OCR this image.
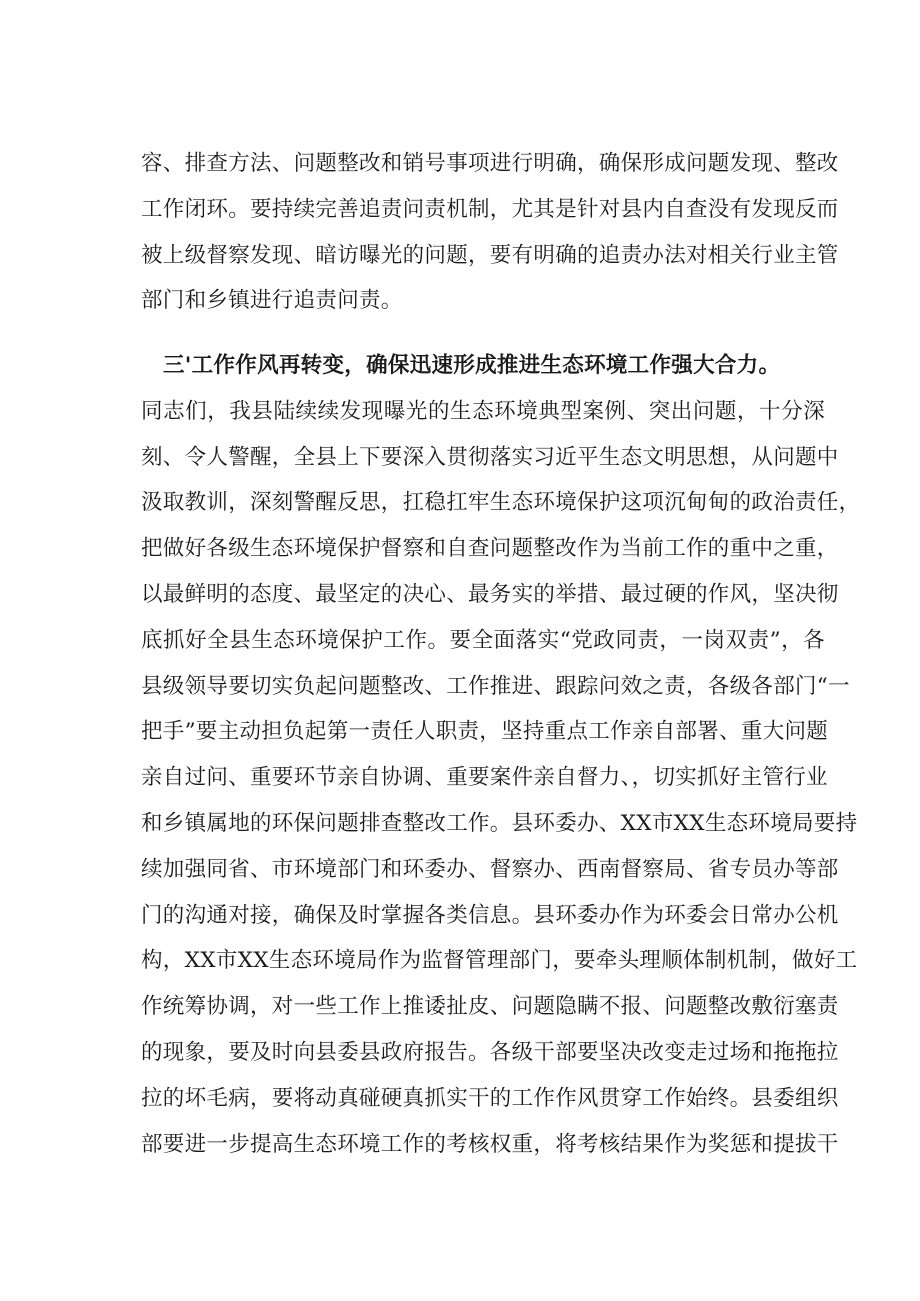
容、排查方法、问题整改和销号事项进行明确，确保形成问题发现、整改
工作闭环。要持续完善追责问责机制，尤其是针对县内自查没有发现反而
被上级督察发现、暗访曝光的问题，要有明确的追责办法对相关行业主管
部门和乡镇进行追责问责。
三'工作作风再转变，确保迅速形成推进生态环境工作强大合力。
同志们，我县陆续续发现曝光的生态环境典型案例、突出问题，十分深
刻、令人警醒，全县上下要深入贯彻落实习近平生态文明思想，从问题中
汲取教训，深刻警醒反思，扛稳扛牢生态环境保护这项沉甸甸的政治责任，
把做好各级生态环境保护督察和自查问题整改作为当前工作的重中之重，
以最鲜明的态度、最坚定的决心、最务实的举措、最过硬的作风，坚决彻
底抓好全县生态环境保护工作。要全面落实“党政同责，一岗双责”，各
县级领导要切实负起问题整改、工作推进、跟踪问效之责，各级各部门“一
把手”要主动担负起第一责任人职责，坚持重点工作亲自部署、重大问题
亲自过问、重要环节亲自协调、重要案件亲自督力、，切实抓好主管行业
和乡镇属地的环保问题排查整改工作。县环委办、XX市XX生态环境局要持
续加强同省、市环境部门和环委办、督察办、西南督察局、省专员办等部
门的沟通对接，确保及时掌握各类信息。县环委办作为环委会日常办公机
构，XX市XX生态环境局作为监督管理部门，要牵头理顺体制机制，做好工
作统筹协调，对一些工作上推诿扯皮、问题隐瞒不报、问题整改敷衍塞责
的现象，要及时向县委县政府报告。各级干部要坚决改变走过场和拖拖拉
拉的坏毛病，要将动真碰硬真抓实干的工作作风贯穿工作始终。县委组织
部要进一步提高生态环境工作的考核权重，将考核结果作为奖惩和提拔干
